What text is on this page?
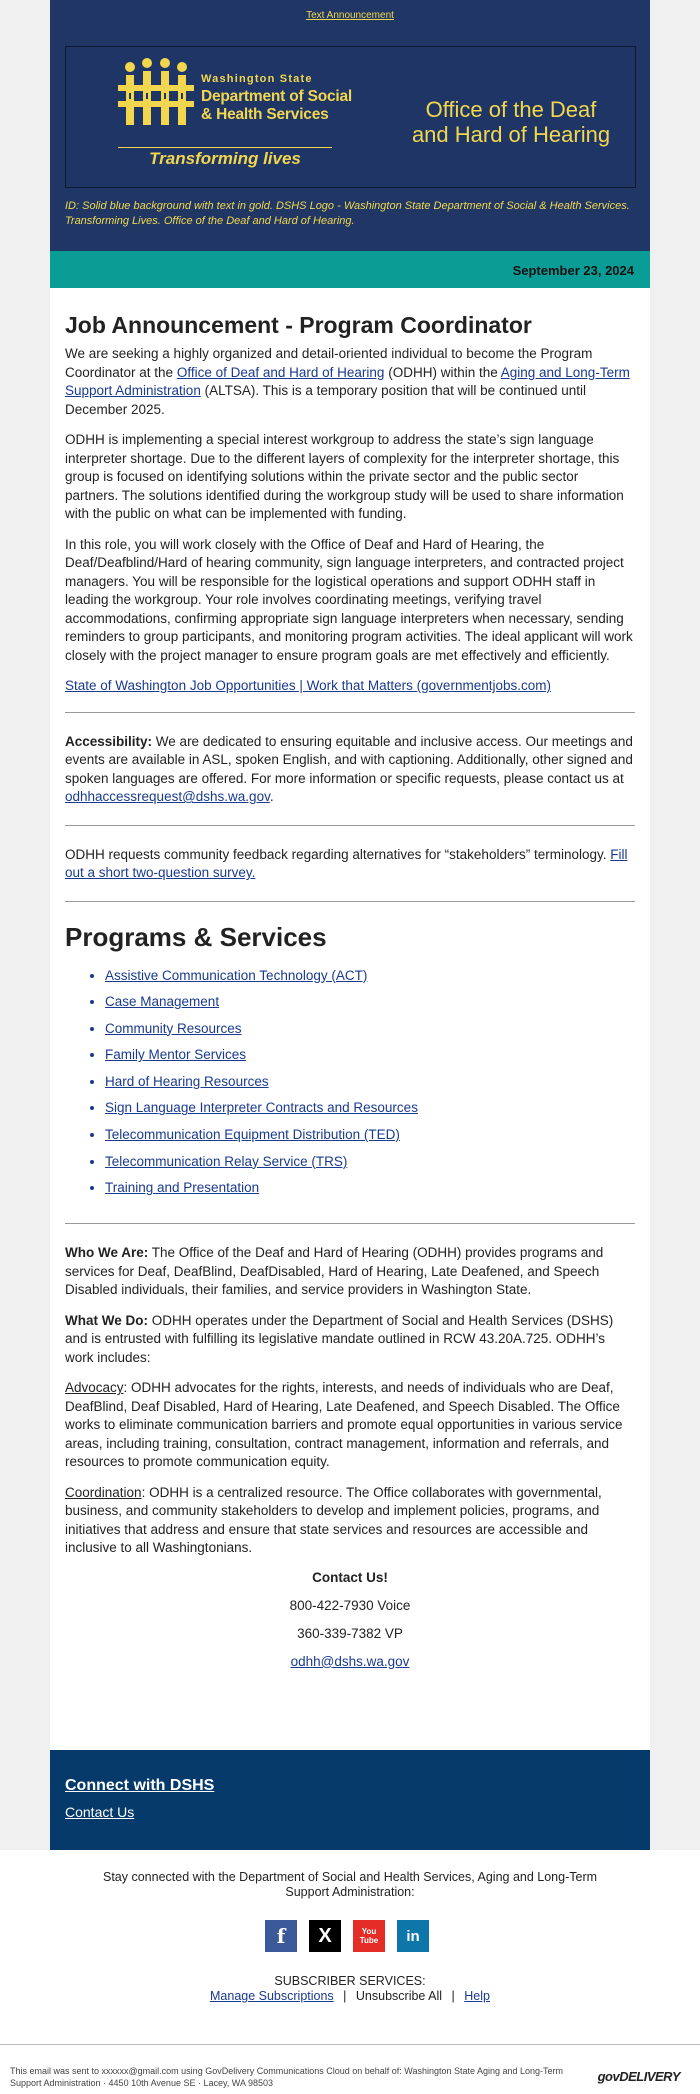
Text Announcement
Washington State
Department of Social
& Health Services
Transforming lives
Office of the Deaf
and Hard of Hearing
ID: Solid blue background with text in gold. DSHS Logo - Washington State Department of Social & Health Services. Transforming Lives. Office of the Deaf and Hard of Hearing.
September 23, 2024
Job Announcement - Program Coordinator

We are seeking a highly organized and detail-oriented individual to become the Program Coordinator at the Office of Deaf and Hard of Hearing (ODHH) within the Aging and Long-Term Support Administration (ALTSA). This is a temporary position that will be continued until December 2025.

ODHH is implementing a special interest workgroup to address the state’s sign language interpreter shortage. Due to the different layers of complexity for the interpreter shortage, this group is focused on identifying solutions within the private sector and the public sector partners. The solutions identified during the workgroup study will be used to share information with the public on what can be implemented with funding.

In this role, you will work closely with the Office of Deaf and Hard of Hearing, the Deaf/Deafblind/Hard of hearing community, sign language interpreters, and contracted project managers. You will be responsible for the logistical operations and support ODHH staff in leading the workgroup. Your role involves coordinating meetings, verifying travel accommodations, confirming appropriate sign language interpreters when necessary, sending reminders to group participants, and monitoring program activities. The ideal applicant will work closely with the project manager to ensure program goals are met effectively and efficiently.

State of Washington Job Opportunities | Work that Matters (governmentjobs.com)

Accessibility: We are dedicated to ensuring equitable and inclusive access. Our meetings and events are available in ASL, spoken English, and with captioning. Additionally, other signed and spoken languages are offered. For more information or specific requests, please contact us at odhhaccessrequest@dshs.wa.gov.

ODHH requests community feedback regarding alternatives for “stakeholders” terminology. Fill out a short two-question survey.

Programs & Services
• Assistive Communication Technology (ACT)
• Case Management
• Community Resources
• Family Mentor Services
• Hard of Hearing Resources
• Sign Language Interpreter Contracts and Resources
• Telecommunication Equipment Distribution (TED)
• Telecommunication Relay Service (TRS)
• Training and Presentation

Who We Are: The Office of the Deaf and Hard of Hearing (ODHH) provides programs and services for Deaf, DeafBlind, DeafDisabled, Hard of Hearing, Late Deafened, and Speech Disabled individuals, their families, and service providers in Washington State.

What We Do: ODHH operates under the Department of Social and Health Services (DSHS) and is entrusted with fulfilling its legislative mandate outlined in RCW 43.20A.725. ODHH’s work includes:

Advocacy: ODHH advocates for the rights, interests, and needs of individuals who are Deaf, DeafBlind, Deaf Disabled, Hard of Hearing, Late Deafened, and Speech Disabled. The Office works to eliminate communication barriers and promote equal opportunities in various service areas, including training, consultation, contract management, information and referrals, and resources to promote communication equity.

Coordination: ODHH is a centralized resource. The Office collaborates with governmental, business, and community stakeholders to develop and implement policies, programs, and initiatives that address and ensure that state services and resources are accessible and inclusive to all Washingtonians.

Contact Us!
800-422-7930 Voice
360-339-7382 VP
odhh@dshs.wa.gov
Connect with DSHS
Contact Us
Stay connected with the Department of Social and Health Services, Aging and Long-Term Support Administration:
f	X	You Tube	in
SUBSCRIBER SERVICES:
Manage Subscriptions | Unsubscribe All | Help
This email was sent to xxxxxx@gmail.com using GovDelivery Communications Cloud on behalf of: Washington State Aging and Long-Term Support Administration · 4450 10th Avenue SE · Lacey, WA 98503	govDELIVERY
